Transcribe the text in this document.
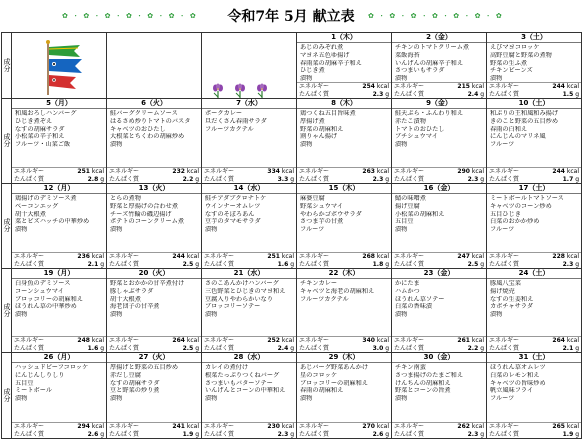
✿ ・ ✿ ・ ✿ ・ ✿ ・ ✿ ・ ✿ ・ ✿	令和7年 5月 献立表	✿ ・ ✿ ・ ✿ ・ ✿ ・ ✿ ・ ✿ ・ ✿
成分
1（木）
あじのみぞれ煮
マヨネ五色ゆ揚げ
春雨菜の胡麻辛子和え
ひじき煮
漬物
エネルギー	254 kcal
たんぱく質	2.3 g
2（金）
チキンのトマトクリーム煮
菜飯海苔
いんげんの胡麻辛子和え
さつまいもサラダ
漬物
エネルギー	215 kcal
たんぱく質	2.4 g
3（土）
えびマヨコロッケ
高野豆腐と野菜の煮物
野菜の生ふ煮
チキンビーンズ
漬物
エネルギー	244 kcal
たんぱく質	1.5 g
成分
5（月）
和風おろしハンバーグ
ひじき煮ぞえ
なすの胡麻サラダ
小松菜の辛子和え
フルーツ・山菜ご飯
エネルギー	251 kcal
たんぱく質	2.8 g
6（火）
鮭バーグクリームソース
はるさめ炒りトマトのバスタ
キャベツのおひたし
大根菜とちくわの胡麻炒め
漬物
エネルギー	232 kcal
たんぱく質	2.2 g
7（水）
ポークカレー
旦だくさん春雨サラダ
フルーツカクテル
エネルギー	334 kcal
たんぱく質	3.3 g
8（木）
鶏つくね五目旨味煮
厚揚げ煮
野菜の胡麻和え
割りゃん揚げ
漬物
エネルギー	263 kcal
たんぱく質	2.3 g
9（金）
鮭天ぷら・ふんわり和え
赤たこ漬物
トマトのおひたし
ブチシュウマイ
漬物
エネルギー	290 kcal
たんぱく質	2.3 g
10（土）
和ぷりの王和風和み揚げ
きのこと野菜の五目炒め
春雨の白和え
にんじんのマリネ風
フルーツ
エネルギー	244 kcal
たんぱく質	1.7 g
成分
12（月）
鶏揚げのデミソース煮
ベーコンエッグ
胡十大根煮
菜とビズハッチの中華炒め
漬物
エネルギー	236 kcal
たんぱく質	2.1 g
13（火）
とらの煮物
野菜と厚揚げの合わせ煮
チーズ竹輪の磯辺揚げ
ポテトのコーンクリーム煮
漬物
エネルギー	244 kcal
たんぱく質	2.5 g
14（水）
鮭チアダブクロナトケ
ウインナーオムレツ
なすのそぼろあん
豆芋のタマモサラダ
漬物
エネルギー	251 kcal
たんぱく質	1.6 g
15（木）
麻婆豆腐
野菜シュウマイ
やわらかゴボウサラダ
さつま芋の甘煮
フルーツ
エネルギー	268 kcal
たんぱく質	1.8 g
16（金）
鯖の味噌煮
揚げ豆腐
小松菜の胡麻和え
五目豆
漬物
エネルギー	247 kcal
たんぱく質	2.5 g
17（土）
ミートボールトマトソース
キャベツのコーン炒め
五目ひじき
白菜のおかか炒め
フルーツ
エネルギー	228 kcal
たんぱく質	2.3 g
成分
19（月）
白身魚のデミソース
コーンシュウマイ
ブロッコリーの胡麻和え
ほうれん草の中華炒め
漬物
エネルギー	248 kcal
たんぱく質	1.6 g
20（火）
野菜とおかかの甘辛煮付け
豚しゃぶサラダ
胡十大根煮
海老団子の甘辛煮
漬物
エネルギー	264 kcal
たんぱく質	2.5 g
21（水）
さのこあんかけハンバーグ
三色野菜とひじきのマヨ和え
豆腐入りやわらかいなり
ブロッコリーソテー
漬物
エネルギー	252 kcal
たんぱく質	2.4 g
22（木）
チキンカレー
キャベツと海老の胡麻和え
フルーツカクテル
エネルギー	340 kcal
たんぱく質	3.0 g
23（金）
かにたま
ハムかつ
ほうれん草ソテー
白菜の香味漬
漬物
エネルギー	261 kcal
たんぱく質	2.2 g
24（土）
豚風八宝菜
揚げ焼売
なすの生姜和え
カボチャサラダ
漬物
エネルギー	264 kcal
たんぱく質	2.1 g
成分
26（月）
ハッシュドビーフコロッケ
にんじんしりしり
五目豆
ミートボール
漬物
エネルギー	294 kcal
たんぱく質	2.6 g
27（火）
厚揚げと野菜の五目炒め
赤だし豆腐
なすの胡麻サラダ
豆と野菜の炒り煮
漬物
エネルギー	241 kcal
たんぱく質	1.9 g
28（水）
カレイの煮付け
根菜たっぷりつくねバーグ
さつまいもバターソテー
いんげんとコーンの中華和え
漬物
エネルギー	230 kcal
たんぱく質	2.3 g
29（木）
あじバーグ野菜あんかけ
星のコロッケ
ブロッコリーの胡麻和え
春雨の胡麻和え
漬物
エネルギー	270 kcal
たんぱく質	2.6 g
30（金）
チキン南蛮
さつま揚げのたまご和え
けんちんの胡麻和え
野菜とコーンの旨煮
漬物
エネルギー	262 kcal
たんぱく質	2.3 g
31（土）
ほうれん草オムレツ
白菜のレモン和え
キャベツの旨味炒め
帆立風味フライ
フルーツ
エネルギー	265 kcal
たんぱく質	1.9 g
